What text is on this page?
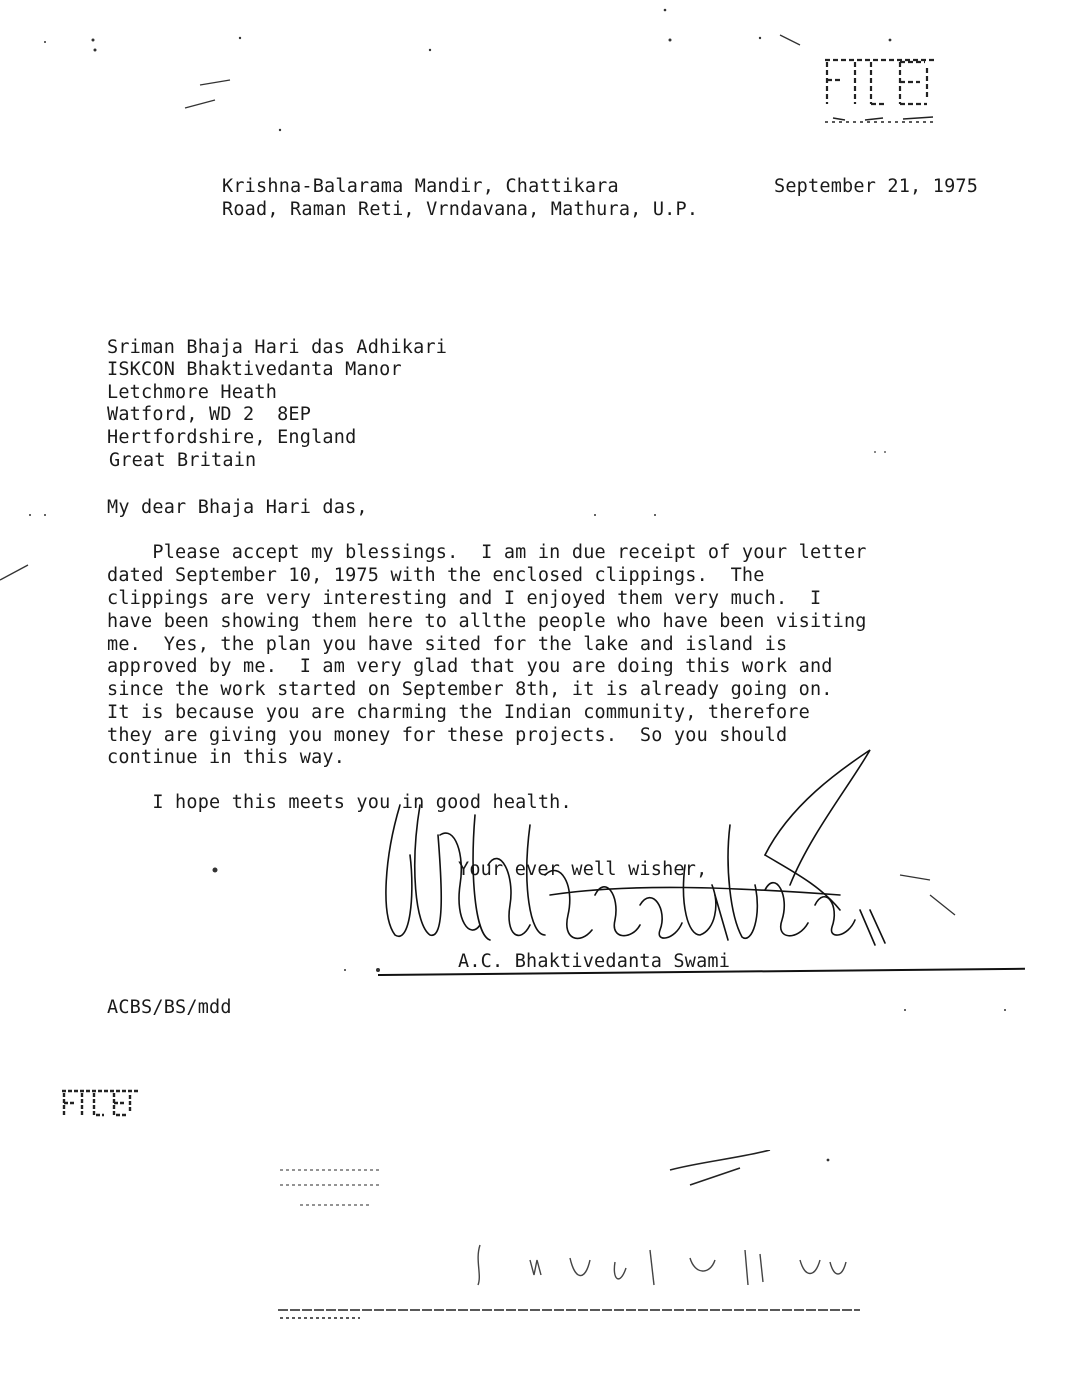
Krishna-Balarama Mandir, Chattikara
Road, Raman Reti, Vrndavana, Mathura, U.P.
September 21, 1975
Sriman Bhaja Hari das Adhikari
ISKCON Bhaktivedanta Manor
Letchmore Heath
Watford, WD 2  8EP
Hertfordshire, England
Great Britain
My dear Bhaja Hari das,
Please accept my blessings.  I am in due receipt of your letter
dated September 10, 1975 with the enclosed clippings.  The
clippings are very interesting and I enjoyed them very much.  I
have been showing them here to allthe people who have been visiting
me.  Yes, the plan you have sited for the lake and island is
approved by me.  I am very glad that you are doing this work and
since the work started on September 8th, it is already going on.
It is because you are charming the Indian community, therefore
they are giving you money for these projects.  So you should
continue in this way.
I hope this meets you in good health.
Your ever well wisher,
A.C. Bhaktivedanta Swami
ACBS/BS/mdd
